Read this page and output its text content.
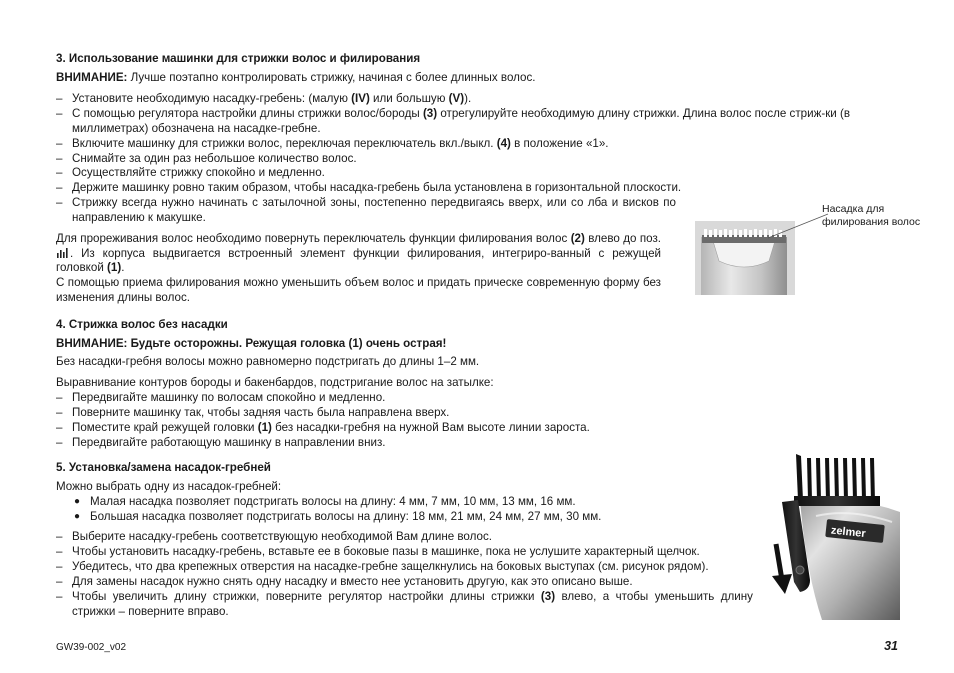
3. Использование машинки для стрижки волос и филирования
ВНИМАНИЕ: Лучше поэтапно контролировать стрижку, начиная с более длинных волос.
– Установите необходимую насадку-гребень: (малую (IV) или большую (V)).
– С помощью регулятора настройки длины стрижки волос/бороды (3) отрегулируйте необходимую длину стрижки. Длина волос после стриж-ки (в миллиметрах) обозначена на насадке-гребне.
– Включите машинку для стрижки волос, переключая переключатель вкл./выкл. (4) в положение «1».
– Снимайте за один раз небольшое количество волос.
– Осуществляйте стрижку спокойно и медленно.
– Держите машинку ровно таким образом, чтобы насадка-гребень была установлена в горизонтальной плоскости.
– Стрижку всегда нужно начинать с затылочной зоны, постепенно передвигаясь вверх, или со лба и висков по направлению к макушке.
Для прореживания волос необходимо повернуть переключатель функции филирования волос (2) влево до поз. . Из корпуса выдвигается встроенный элемент функции филирования, интегриро-ванный с режущей головкой (1).
С помощью приема филирования можно уменьшить объем волос и придать прическе современную форму без изменения длины волос.
Насадка для филирования волос
4. Стрижка волос без насадки
ВНИМАНИЕ: Будьте осторожны. Режущая головка (1) очень острая!
Без насадки-гребня волосы можно равномерно подстригать до длины 1–2 мм.
Выравнивание контуров бороды и бакенбардов, подстригание волос на затылке:
– Передвигайте машинку по волосам спокойно и медленно.
– Поверните машинку так, чтобы задняя часть была направлена вверх.
– Поместите край режущей головки (1) без насадки-гребня на нужной Вам высоте линии зароста.
– Передвигайте работающую машинку в направлении вниз.
5. Установка/замена насадок-гребней
Можно выбрать одну из насадок-гребней:
● Малая насадка позволяет подстригать волосы на длину: 4 мм, 7 мм, 10 мм, 13 мм, 16 мм.
● Большая насадка позволяет подстригать волосы на длину: 18 мм, 21 мм, 24 мм, 27 мм, 30 мм.
– Выберите насадку-гребень соответствующую необходимой Вам длине волос.
– Чтобы установить насадку-гребень, вставьте ее в боковые пазы в машинке, пока не услушите характерный щелчок.
– Убедитесь, что два крепежных отверстия на насадке-гребне защелкнулись на боковых выступах (см. рисунок рядом).
– Для замены насадок нужно снять одну насадку и вместо нее установить другую, как это описано выше.
– Чтобы увеличить длину стрижки, поверните регулятор настройки длины стрижки (3) влево, а чтобы уменьшить длину стрижки – поверните вправо.
zelmer
GW39-002_v02	31
